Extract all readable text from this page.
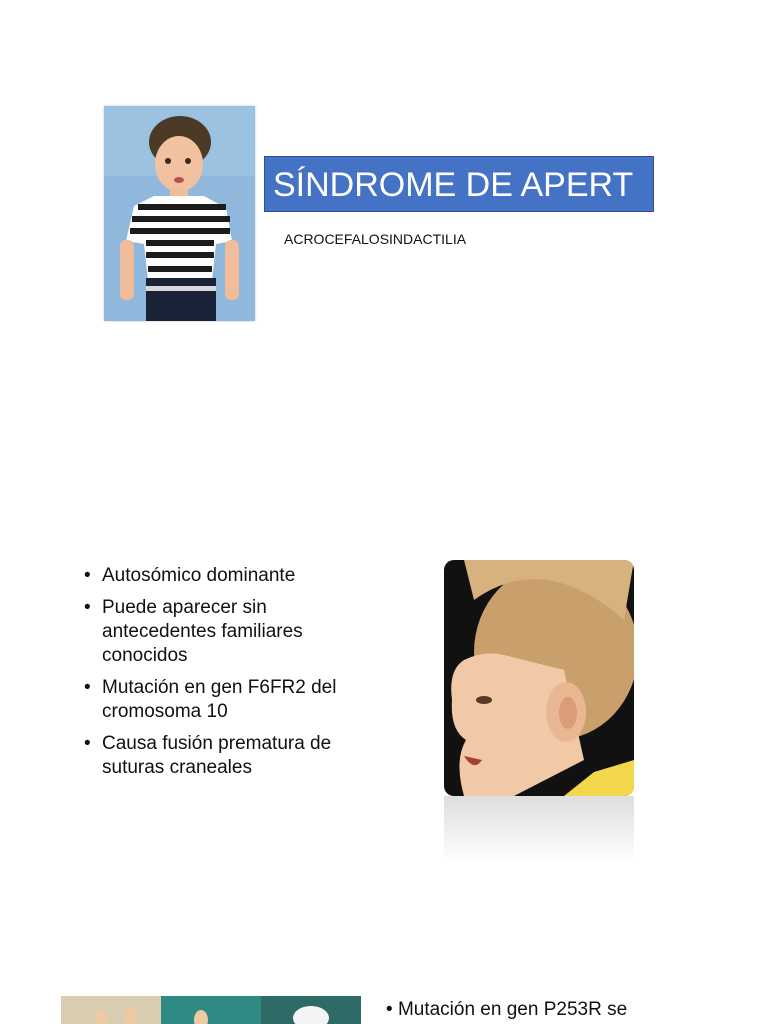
SÍNDROME DE APERT
ACROCEFALOSINDACTILIA
• Autosómico dominante
• Puede aparecer sin antecedentes familiares conocidos
• Mutación en gen F6FR2 del cromosoma 10
• Causa fusión prematura de suturas craneales
• Mutación en gen P253R se
